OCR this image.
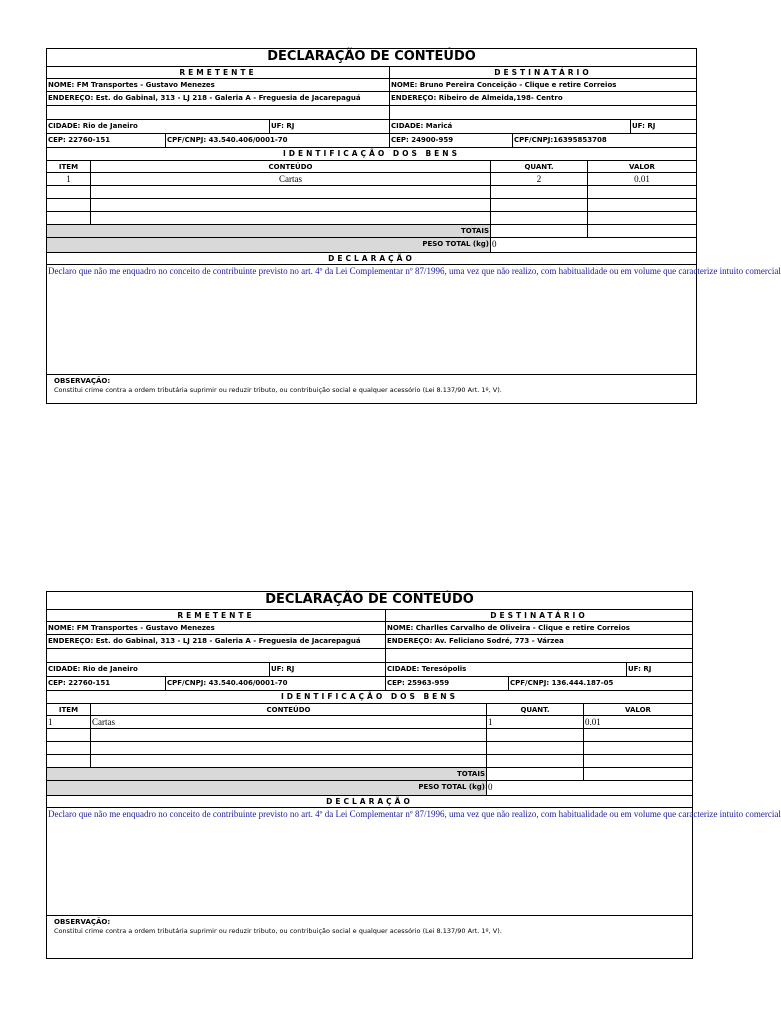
DECLARAÇÃO DE CONTEÚDO
REMETENTE	DESTINATÁRIO
NOME: FM Transportes - Gustavo Menezes	NOME: Bruno Pereira Conceição - Clique e retire Correios
ENDEREÇO: Est. do Gabinal, 313 - LJ 218 - Galeria A - Freguesia de Jacarepaguá	ENDEREÇO: Ribeiro de Almeida,198- Centro
CIDADE: Rio de Janeiro	UF: RJ	CIDADE: Maricá	UF: RJ
CEP: 22760-151	CPF/CNPJ: 43.540.406/0001-70	CEP: 24900-959	CPF/CNPJ:16395853708
IDENTIFICAÇÃO DOS BENS
ITEM	CONTEÚDO	QUANT.	VALOR
1	Cartas	2	0.01
TOTAIS
PESO TOTAL (kg) 0
DECLARAÇÃO
Declaro que não me enquadro no conceito de contribuinte previsto no art. 4º da Lei Complementar nº 87/1996, uma vez que não realizo, com habitualidade ou em volume que caracterize intuito comercial
OBSERVAÇÃO:
Constitui crime contra a ordem tributária suprimir ou reduzir tributo, ou contribuição social e qualquer acessório (Lei 8.137/90 Art. 1º, V).
DECLARAÇÃO DE CONTEÚDO
REMETENTE	DESTINATÁRIO
NOME: FM Transportes - Gustavo Menezes	NOME: Charlles Carvalho de Oliveira - Clique e retire Correios
ENDEREÇO: Est. do Gabinal, 313 - LJ 218 - Galeria A - Freguesia de Jacarepaguá	ENDEREÇO: Av. Feliciano Sodré, 773 - Várzea
CIDADE: Rio de Janeiro	UF: RJ	CIDADE: Teresópolis	UF: RJ
CEP: 22760-151	CPF/CNPJ: 43.540.406/0001-70	CEP: 25963-959	CPF/CNPJ: 136.444.187-05
IDENTIFICAÇÃO DOS BENS
ITEM	CONTEÚDO	QUANT.	VALOR
1	Cartas	1	0.01
TOTAIS
PESO TOTAL (kg) 0
DECLARAÇÃO
Declaro que não me enquadro no conceito de contribuinte previsto no art. 4º da Lei Complementar nº 87/1996, uma vez que não realizo, com habitualidade ou em volume que caracterize intuito comercial
OBSERVAÇÃO:
Constitui crime contra a ordem tributária suprimir ou reduzir tributo, ou contribuição social e qualquer acessório (Lei 8.137/90 Art. 1º, V).
